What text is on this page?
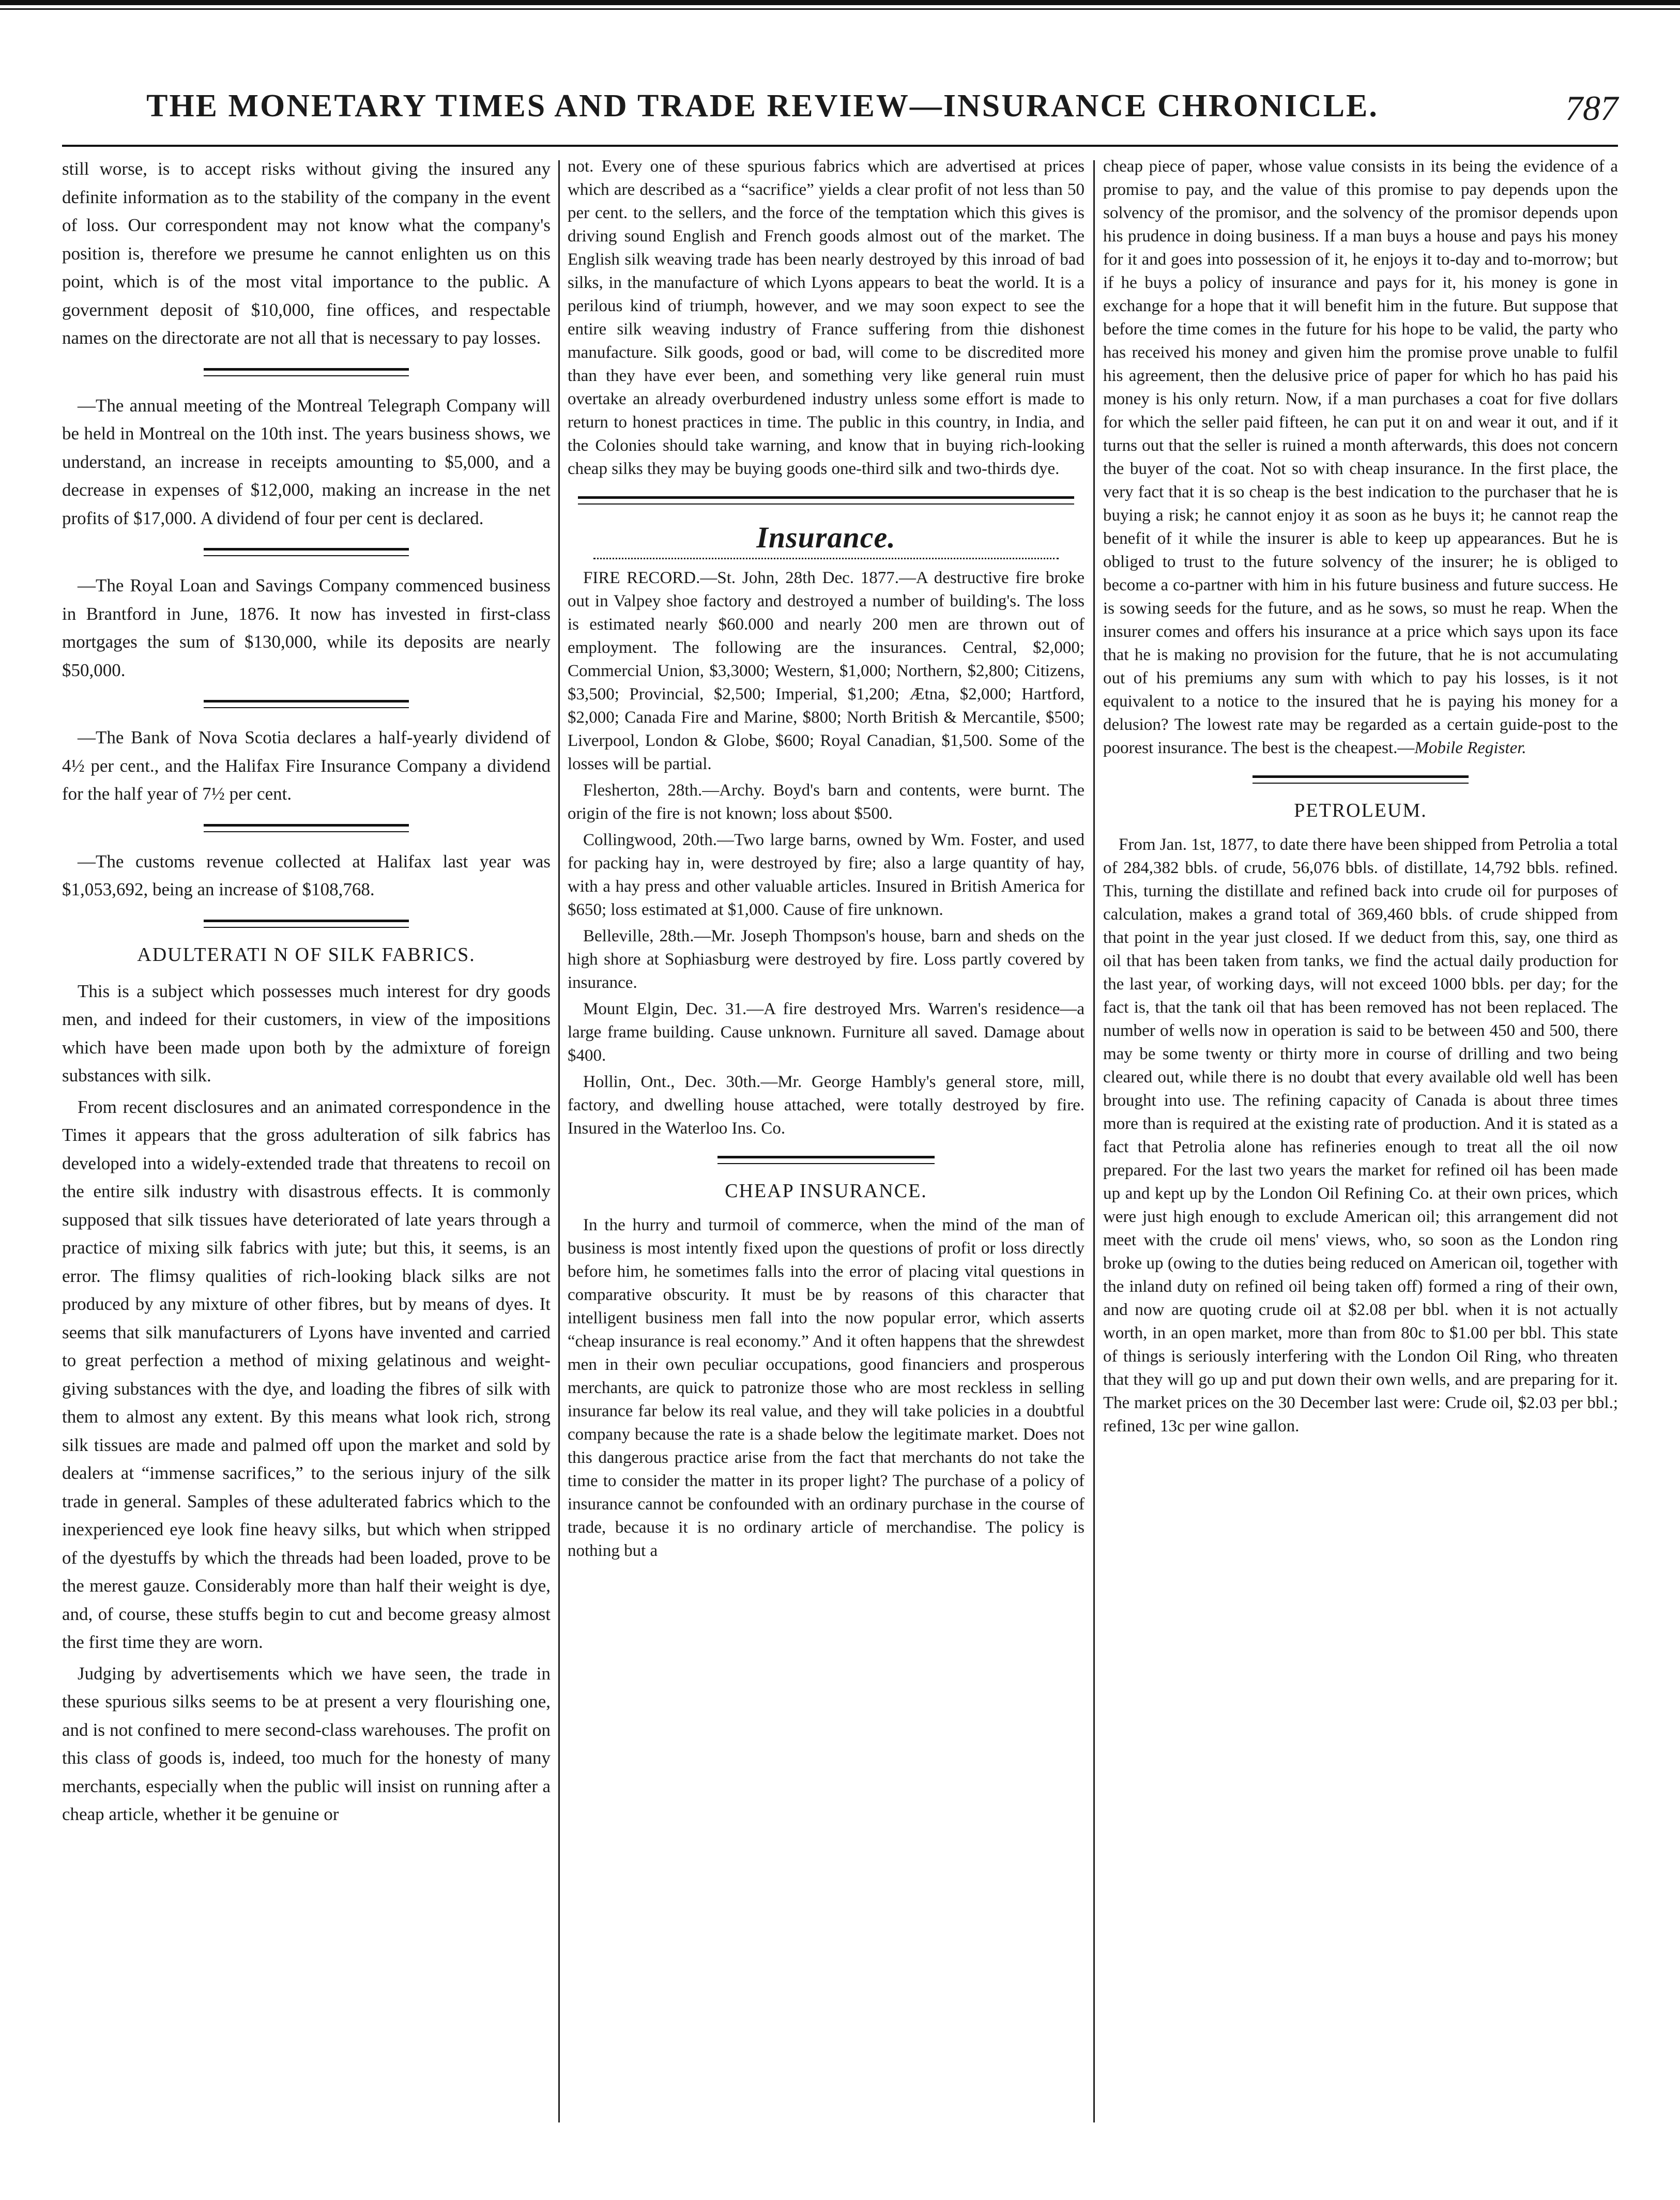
THE MONETARY TIMES AND TRADE REVIEW—INSURANCE CHRONICLE.	787

still worse, is to accept risks without giving the insured any definite information as to the stability of the company in the event of loss. Our correspondent may not know what the company's position is, therefore we presume he cannot enlighten us on this point, which is of the most vital importance to the public. A government deposit of $10,000, fine offices, and respectable names on the directorate are not all that is necessary to pay losses.

—The annual meeting of the Montreal Telegraph Company will be held in Montreal on the 10th inst. The years business shows, we understand, an increase in receipts amounting to $5,000, and a decrease in expenses of $12,000, making an increase in the net profits of $17,000. A dividend of four per cent is declared.

—The Royal Loan and Savings Company commenced business in Brantford in June, 1876. It now has invested in first-class mortgages the sum of $130,000, while its deposits are nearly $50,000.

—The Bank of Nova Scotia declares a half-yearly dividend of 4½ per cent., and the Halifax Fire Insurance Company a dividend for the half year of 7½ per cent.

—The customs revenue collected at Halifax last year was $1,053,692, being an increase of $108,768.

ADULTERATI N OF SILK FABRICS.

This is a subject which possesses much interest for dry goods men, and indeed for their customers, in view of the impositions which have been made upon both by the admixture of foreign substances with silk.

From recent disclosures and an animated correspondence in the Times it appears that the gross adulteration of silk fabrics has developed into a widely-extended trade that threatens to recoil on the entire silk industry with disastrous effects. It is commonly supposed that silk tissues have deteriorated of late years through a practice of mixing silk fabrics with jute; but this, it seems, is an error. The flimsy qualities of rich-looking black silks are not produced by any mixture of other fibres, but by means of dyes. It seems that silk manufacturers of Lyons have invented and carried to great perfection a method of mixing gelatinous and weight-giving substances with the dye, and loading the fibres of silk with them to almost any extent. By this means what look rich, strong silk tissues are made and palmed off upon the market and sold by dealers at “immense sacrifices,” to the serious injury of the silk trade in general. Samples of these adulterated fabrics which to the inexperienced eye look fine heavy silks, but which when stripped of the dyestuffs by which the threads had been loaded, prove to be the merest gauze. Considerably more than half their weight is dye, and, of course, these stuffs begin to cut and become greasy almost the first time they are worn.

Judging by advertisements which we have seen, the trade in these spurious silks seems to be at present a very flourishing one, and is not confined to mere second-class warehouses. The profit on this class of goods is, indeed, too much for the honesty of many merchants, especially when the public will insist on running after a cheap article, whether it be genuine or

not. Every one of these spurious fabrics which are advertised at prices which are described as a “sacrifice” yields a clear profit of not less than 50 per cent. to the sellers, and the force of the temptation which this gives is driving sound English and French goods almost out of the market. The English silk weaving trade has been nearly destroyed by this inroad of bad silks, in the manufacture of which Lyons appears to beat the world. It is a perilous kind of triumph, however, and we may soon expect to see the entire silk weaving industry of France suffering from thie dishonest manufacture. Silk goods, good or bad, will come to be discredited more than they have ever been, and something very like general ruin must overtake an already overburdened industry unless some effort is made to return to honest practices in time. The public in this country, in India, and the Colonies should take warning, and know that in buying rich-looking cheap silks they may be buying goods one-third silk and two-thirds dye.

Insurance.

FIRE RECORD.—St. John, 28th Dec. 1877.—A destructive fire broke out in Valpey shoe factory and destroyed a number of building's. The loss is estimated nearly $60.000 and nearly 200 men are thrown out of employment. The following are the insurances. Central, $2,000; Commercial Union, $3,3000; Western, $1,000; Northern, $2,800; Citizens, $3,500; Provincial, $2,500; Imperial, $1,200; Ætna, $2,000; Hartford, $2,000; Canada Fire and Marine, $800; North British & Mercantile, $500; Liverpool, London & Globe, $600; Royal Canadian, $1,500. Some of the losses will be partial.

Flesherton, 28th.—Archy. Boyd's barn and contents, were burnt. The origin of the fire is not known; loss about $500.

Collingwood, 20th.—Two large barns, owned by Wm. Foster, and used for packing hay in, were destroyed by fire; also a large quantity of hay, with a hay press and other valuable articles. Insured in British America for $650; loss estimated at $1,000. Cause of fire unknown.

Belleville, 28th.—Mr. Joseph Thompson's house, barn and sheds on the high shore at Sophiasburg were destroyed by fire. Loss partly covered by insurance.

Mount Elgin, Dec. 31.—A fire destroyed Mrs. Warren's residence—a large frame building. Cause unknown. Furniture all saved. Damage about $400.

Hollin, Ont., Dec. 30th.—Mr. George Hambly's general store, mill, factory, and dwelling house attached, were totally destroyed by fire. Insured in the Waterloo Ins. Co.

CHEAP INSURANCE.

In the hurry and turmoil of commerce, when the mind of the man of business is most intently fixed upon the questions of profit or loss directly before him, he sometimes falls into the error of placing vital questions in comparative obscurity. It must be by reasons of this character that intelligent business men fall into the now popular error, which asserts “cheap insurance is real economy.” And it often happens that the shrewdest men in their own peculiar occupations, good financiers and prosperous merchants, are quick to patronize those who are most reckless in selling insurance far below its real value, and they will take policies in a doubtful company because the rate is a shade below the legitimate market. Does not this dangerous practice arise from the fact that merchants do not take the time to consider the matter in its proper light? The purchase of a policy of insurance cannot be confounded with an ordinary purchase in the course of trade, because it is no ordinary article of merchandise. The policy is nothing but a

cheap piece of paper, whose value consists in its being the evidence of a promise to pay, and the value of this promise to pay depends upon the solvency of the promisor, and the solvency of the promisor depends upon his prudence in doing business. If a man buys a house and pays his money for it and goes into possession of it, he enjoys it to-day and to-morrow; but if he buys a policy of insurance and pays for it, his money is gone in exchange for a hope that it will benefit him in the future. But suppose that before the time comes in the future for his hope to be valid, the party who has received his money and given him the promise prove unable to fulfil his agreement, then the delusive price of paper for which ho has paid his money is his only return. Now, if a man purchases a coat for five dollars for which the seller paid fifteen, he can put it on and wear it out, and if it turns out that the seller is ruined a month afterwards, this does not concern the buyer of the coat. Not so with cheap insurance. In the first place, the very fact that it is so cheap is the best indication to the purchaser that he is buying a risk; he cannot enjoy it as soon as he buys it; he cannot reap the benefit of it while the insurer is able to keep up appearances. But he is obliged to trust to the future solvency of the insurer; he is obliged to become a co-partner with him in his future business and future success. He is sowing seeds for the future, and as he sows, so must he reap. When the insurer comes and offers his insurance at a price which says upon its face that he is making no provision for the future, that he is not accumulating out of his premiums any sum with which to pay his losses, is it not equivalent to a notice to the insured that he is paying his money for a delusion? The lowest rate may be regarded as a certain guide-post to the poorest insurance. The best is the cheapest.—Mobile Register.

PETROLEUM.

From Jan. 1st, 1877, to date there have been shipped from Petrolia a total of 284,382 bbls. of crude, 56,076 bbls. of distillate, 14,792 bbls. refined. This, turning the distillate and refined back into crude oil for purposes of calculation, makes a grand total of 369,460 bbls. of crude shipped from that point in the year just closed. If we deduct from this, say, one third as oil that has been taken from tanks, we find the actual daily production for the last year, of working days, will not exceed 1000 bbls. per day; for the fact is, that the tank oil that has been removed has not been replaced. The number of wells now in operation is said to be between 450 and 500, there may be some twenty or thirty more in course of drilling and two being cleared out, while there is no doubt that every available old well has been brought into use. The refining capacity of Canada is about three times more than is required at the existing rate of production. And it is stated as a fact that Petrolia alone has refineries enough to treat all the oil now prepared. For the last two years the market for refined oil has been made up and kept up by the London Oil Refining Co. at their own prices, which were just high enough to exclude American oil; this arrangement did not meet with the crude oil mens' views, who, so soon as the London ring broke up (owing to the duties being reduced on American oil, together with the inland duty on refined oil being taken off) formed a ring of their own, and now are quoting crude oil at $2.08 per bbl. when it is not actually worth, in an open market, more than from 80c to $1.00 per bbl. This state of things is seriously interfering with the London Oil Ring, who threaten that they will go up and put down their own wells, and are preparing for it. The market prices on the 30 December last were: Crude oil, $2.03 per bbl.; refined, 13c per wine gallon.
